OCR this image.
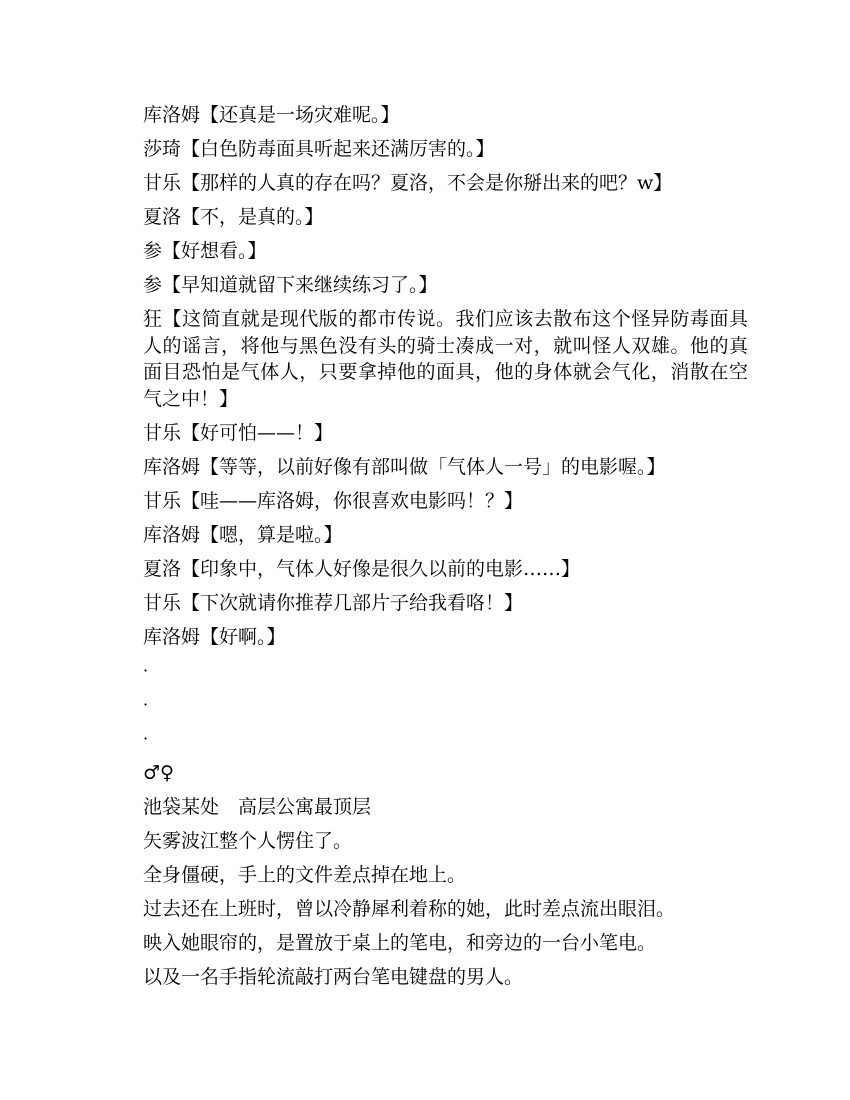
库洛姆【还真是一场灾难呢。】
莎琦【白色防毒面具听起来还满厉害的。】
甘乐【那样的人真的存在吗？夏洛，不会是你掰出来的吧？w】
夏洛【不，是真的。】
参【好想看。】
参【早知道就留下来继续练习了。】
狂【这简直就是现代版的都市传说。我们应该去散布这个怪异防毒面具人的谣言，将他与黑色没有头的骑士凑成一对，就叫怪人双雄。他的真面目恐怕是气体人，只要拿掉他的面具，他的身体就会气化，消散在空气之中！】
甘乐【好可怕——！】
库洛姆【等等，以前好像有部叫做「气体人一号」的电影喔。】
甘乐【哇——库洛姆，你很喜欢电影吗！？】
库洛姆【嗯，算是啦。】
夏洛【印象中，气体人好像是很久以前的电影……】
甘乐【下次就请你推荐几部片子给我看咯！】
库洛姆【好啊。】
·
·
·
♂♀
池袋某处　高层公寓最顶层
矢雾波江整个人愣住了。
全身僵硬，手上的文件差点掉在地上。
过去还在上班时，曾以冷静犀利着称的她，此时差点流出眼泪。
映入她眼帘的，是置放于桌上的笔电，和旁边的一台小笔电。
以及一名手指轮流敲打两台笔电键盘的男人。
